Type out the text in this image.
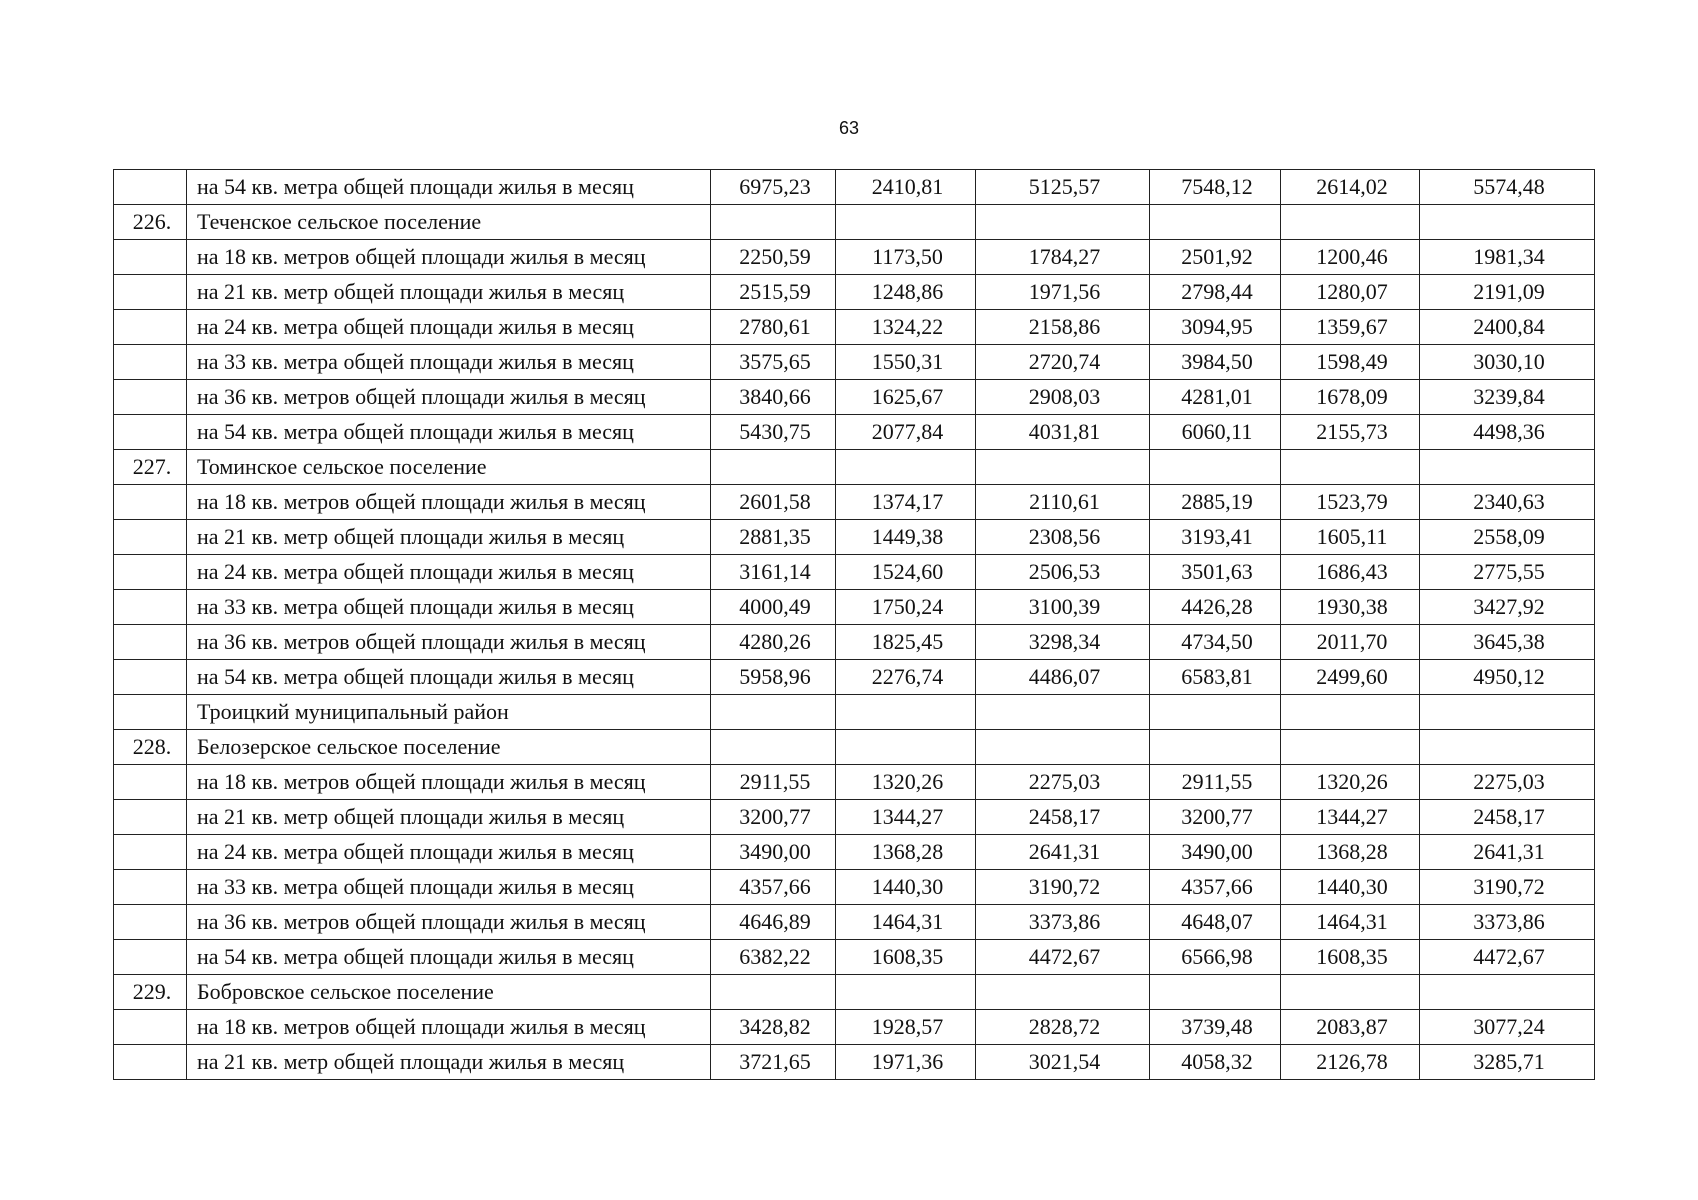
63
	на 54 кв. метра общей площади жилья в месяц	6975,23	2410,81	5125,57	7548,12	2614,02	5574,48
226.	Теченское сельское поселение						
	на 18 кв. метров общей площади жилья в месяц	2250,59	1173,50	1784,27	2501,92	1200,46	1981,34
	на 21 кв. метр общей площади жилья в месяц	2515,59	1248,86	1971,56	2798,44	1280,07	2191,09
	на 24 кв. метра общей площади жилья в месяц	2780,61	1324,22	2158,86	3094,95	1359,67	2400,84
	на 33 кв. метра общей площади жилья в месяц	3575,65	1550,31	2720,74	3984,50	1598,49	3030,10
	на 36 кв. метров общей площади жилья в месяц	3840,66	1625,67	2908,03	4281,01	1678,09	3239,84
	на 54 кв. метра общей площади жилья в месяц	5430,75	2077,84	4031,81	6060,11	2155,73	4498,36
227.	Томинское сельское поселение						
	на 18 кв. метров общей площади жилья в месяц	2601,58	1374,17	2110,61	2885,19	1523,79	2340,63
	на 21 кв. метр общей площади жилья в месяц	2881,35	1449,38	2308,56	3193,41	1605,11	2558,09
	на 24 кв. метра общей площади жилья в месяц	3161,14	1524,60	2506,53	3501,63	1686,43	2775,55
	на 33 кв. метра общей площади жилья в месяц	4000,49	1750,24	3100,39	4426,28	1930,38	3427,92
	на 36 кв. метров общей площади жилья в месяц	4280,26	1825,45	3298,34	4734,50	2011,70	3645,38
	на 54 кв. метра общей площади жилья в месяц	5958,96	2276,74	4486,07	6583,81	2499,60	4950,12
	Троицкий муниципальный район						
228.	Белозерское сельское поселение						
	на 18 кв. метров общей площади жилья в месяц	2911,55	1320,26	2275,03	2911,55	1320,26	2275,03
	на 21 кв. метр общей площади жилья в месяц	3200,77	1344,27	2458,17	3200,77	1344,27	2458,17
	на 24 кв. метра общей площади жилья в месяц	3490,00	1368,28	2641,31	3490,00	1368,28	2641,31
	на 33 кв. метра общей площади жилья в месяц	4357,66	1440,30	3190,72	4357,66	1440,30	3190,72
	на 36 кв. метров общей площади жилья в месяц	4646,89	1464,31	3373,86	4648,07	1464,31	3373,86
	на 54 кв. метра общей площади жилья в месяц	6382,22	1608,35	4472,67	6566,98	1608,35	4472,67
229.	Бобровское сельское поселение						
	на 18 кв. метров общей площади жилья в месяц	3428,82	1928,57	2828,72	3739,48	2083,87	3077,24
	на 21 кв. метр общей площади жилья в месяц	3721,65	1971,36	3021,54	4058,32	2126,78	3285,71
